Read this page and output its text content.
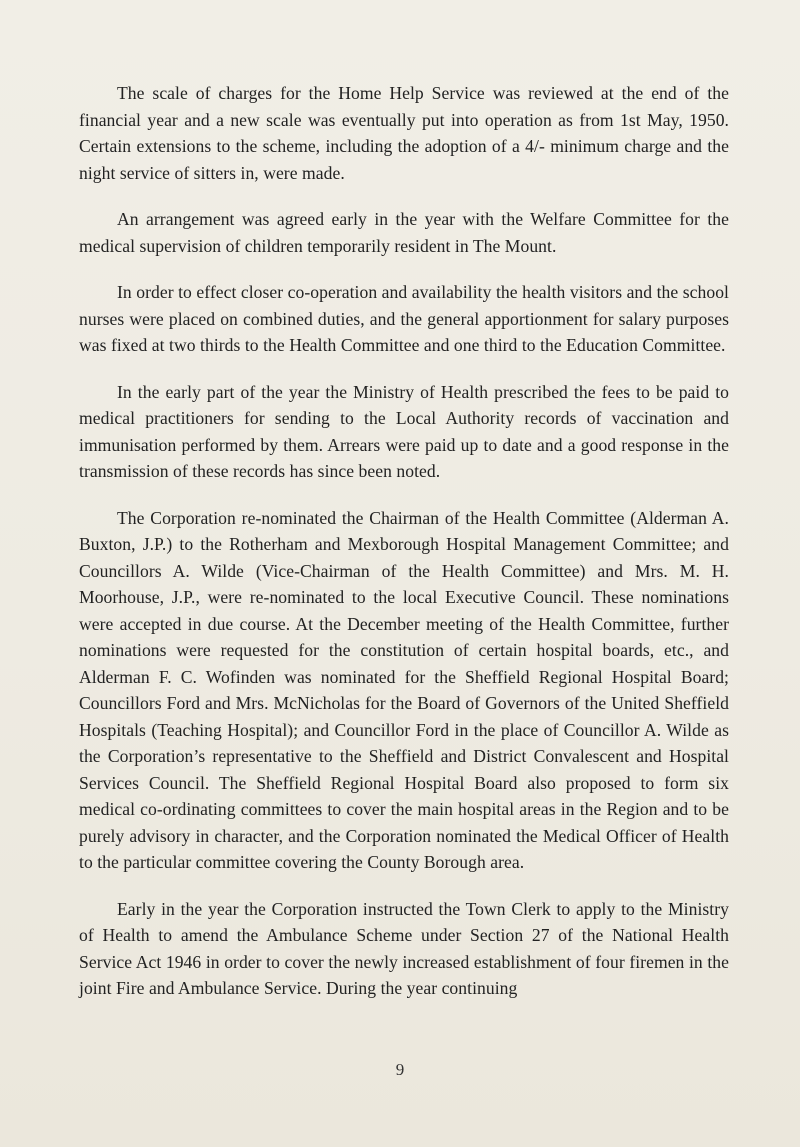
The scale of charges for the Home Help Service was reviewed at the end of the financial year and a new scale was eventually put into operation as from 1st May, 1950. Certain extensions to the scheme, including the adoption of a 4/- minimum charge and the night service of sitters in, were made.

An arrangement was agreed early in the year with the Welfare Committee for the medical supervision of children temporarily resident in The Mount.

In order to effect closer co-operation and availability the health visitors and the school nurses were placed on combined duties, and the general apportionment for salary purposes was fixed at two thirds to the Health Committee and one third to the Education Committee.

In the early part of the year the Ministry of Health prescribed the fees to be paid to medical practitioners for sending to the Local Authority records of vaccination and immunisation performed by them. Arrears were paid up to date and a good response in the transmission of these records has since been noted.

The Corporation re-nominated the Chairman of the Health Committee (Alderman A. Buxton, J.P.) to the Rotherham and Mexborough Hospital Management Committee; and Councillors A. Wilde (Vice-Chairman of the Health Committee) and Mrs. M. H. Moorhouse, J.P., were re-nominated to the local Executive Council. These nominations were accepted in due course. At the December meeting of the Health Committee, further nominations were requested for the constitution of certain hospital boards, etc., and Alderman F. C. Wofinden was nominated for the Sheffield Regional Hospital Board; Councillors Ford and Mrs. McNicholas for the Board of Governors of the United Sheffield Hospitals (Teaching Hospital); and Councillor Ford in the place of Councillor A. Wilde as the Corporation’s representative to the Sheffield and District Convalescent and Hospital Services Council. The Sheffield Regional Hospital Board also proposed to form six medical co-ordinating committees to cover the main hospital areas in the Region and to be purely advisory in character, and the Corporation nominated the Medical Officer of Health to the particular committee covering the County Borough area.

Early in the year the Corporation instructed the Town Clerk to apply to the Ministry of Health to amend the Ambulance Scheme under Section 27 of the National Health Service Act 1946 in order to cover the newly increased establishment of four firemen in the joint Fire and Ambulance Service. During the year continuing

9
